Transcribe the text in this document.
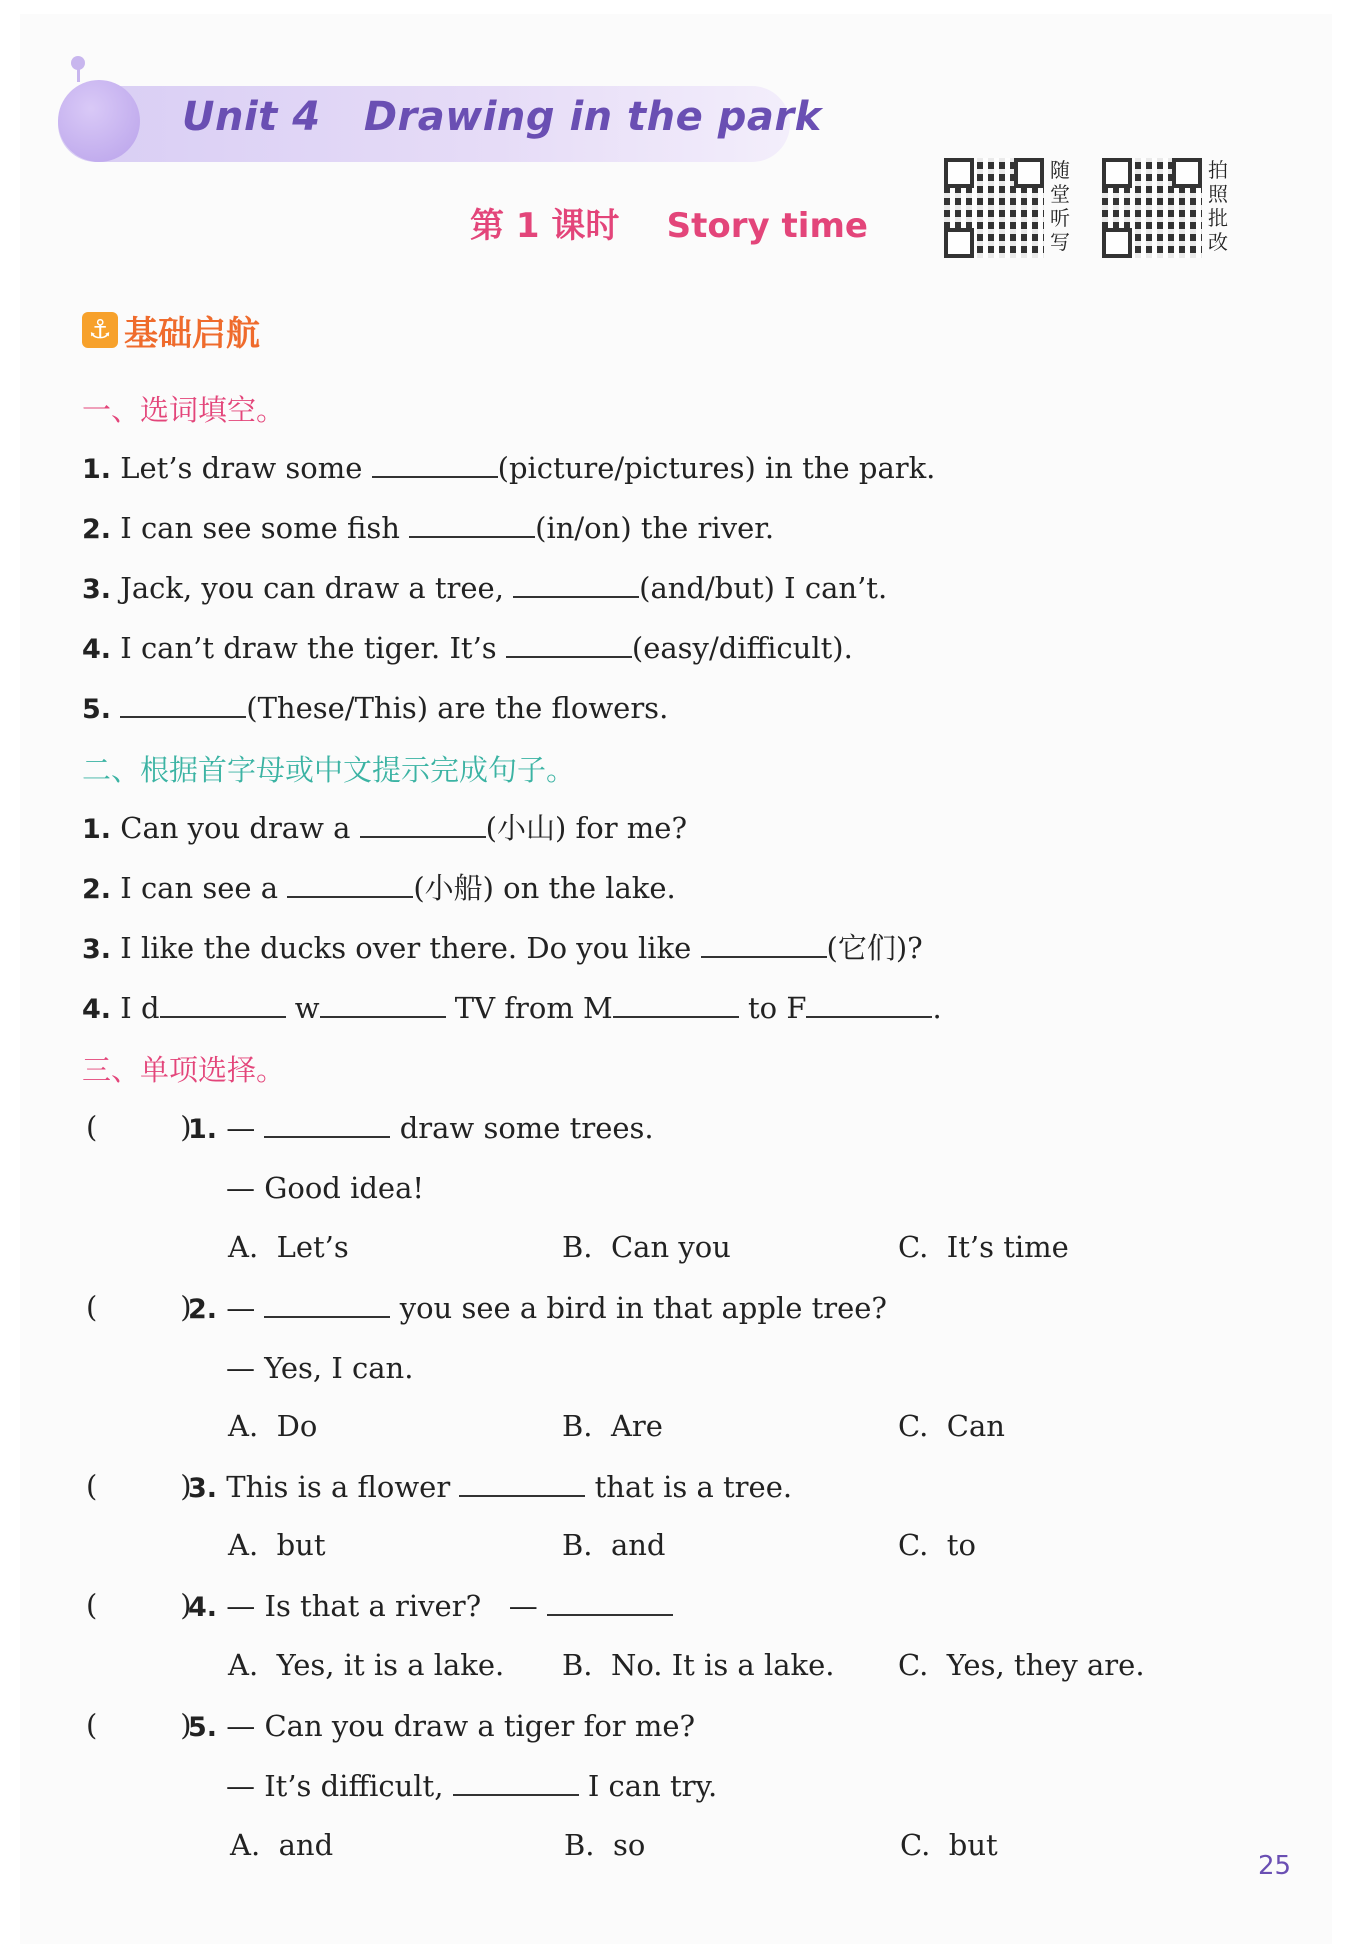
Unit 4   Drawing in the park
第 1 课时    Story time
随
堂
听
写
拍
照
批
改
⚓ 基础启航
一、选词填空。
1. Let’s draw some	(picture/pictures) in the park.
2. I can see some fish	(in/on) the river.
3. Jack, you can draw a tree,	(and/but) I can’t.
4. I can’t draw the tiger. It’s	(easy/difficult).
5.	(These/This) are the flowers.
二、根据首字母或中文提示完成句子。
1. Can you draw a	(小山) for me?
2. I can see a	(小船) on the lake.
3. I like the ducks over there. Do you like	(它们)?
4. I d	w	TV from M	to F	.
三、单项选择。
(         )
1. —	draw some trees.
— Good idea!
A.  Let’s	B.  Can you	C.  It’s time
(         )
2. —	you see a bird in that apple tree?
— Yes, I can.
A.  Do	B.  Are	C.  Can
(         )
3. This is a flower	that is a tree.
A.  but	B.  and	C.  to
(         )
4. — Is that a river?   —
A.  Yes, it is a lake. B.  No. It is a lake. C.  Yes, they are.
(         )
5. — Can you draw a tiger for me?
— It’s difficult,	I can try.
A.  and	B.  so	C.  but
25
